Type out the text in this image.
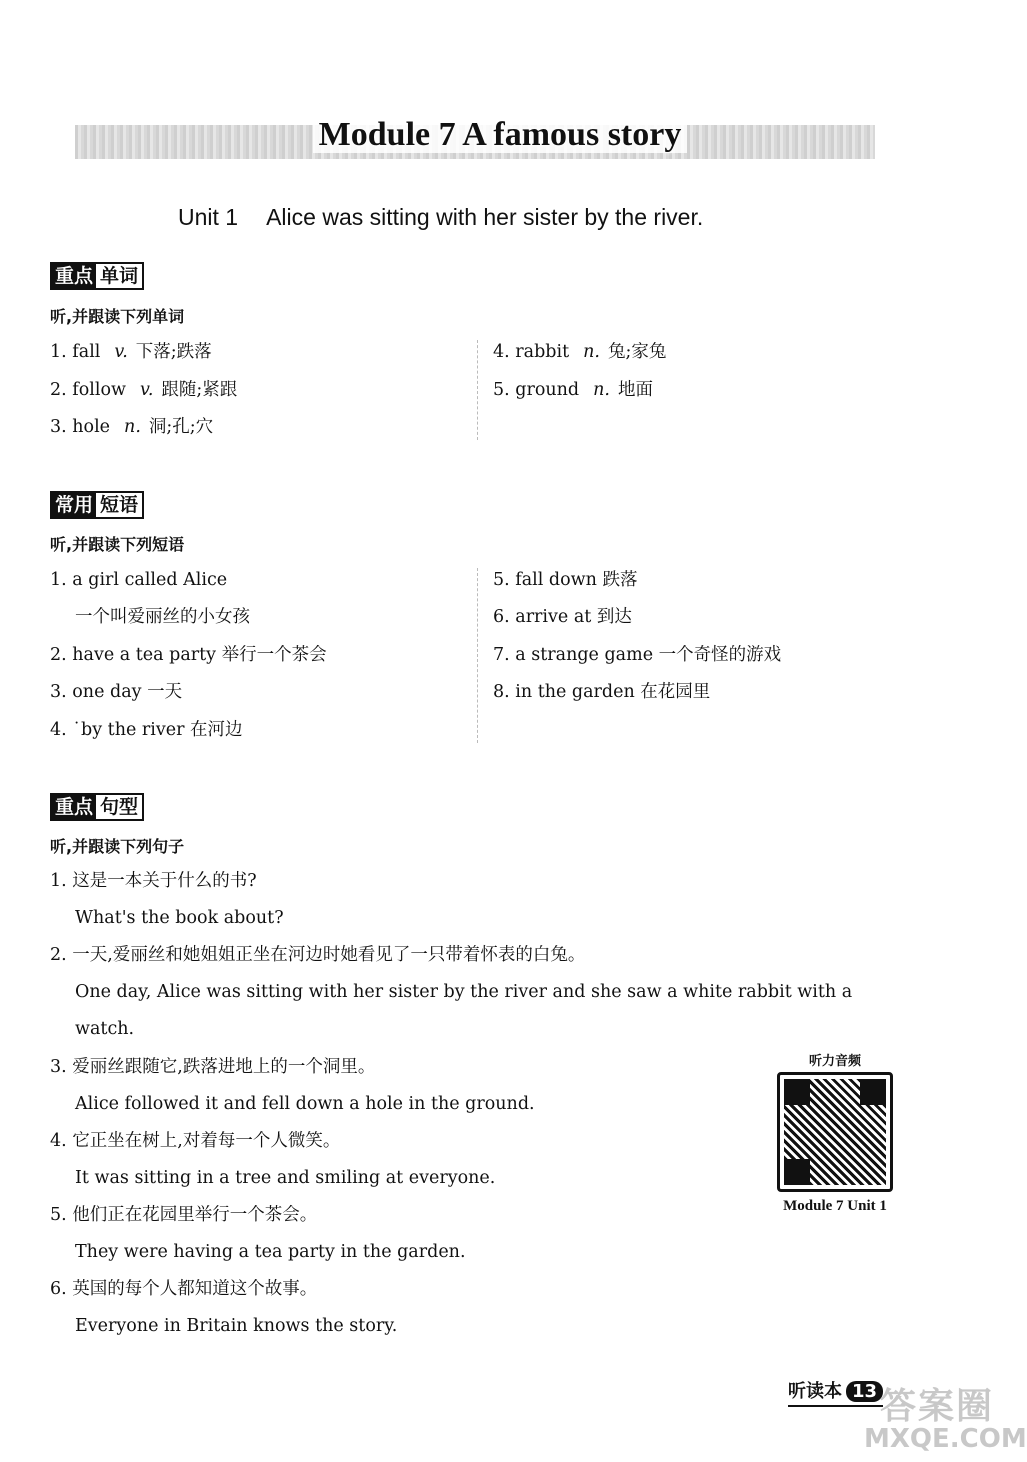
Module 7 A famous story
Unit 1 Alice was sitting with her sister by the river.
重点 单词
听,并跟读下列单词
1. fall v. 下落;跌落
2. follow v. 跟随;紧跟
3. hole n. 洞;孔;穴
4. rabbit n. 兔;家兔
5. ground n. 地面
常用 短语
听,并跟读下列短语
1. a girl called Alice
一个叫爱丽丝的小女孩
2. have a tea party 举行一个茶会
3. one day 一天
4. ˙by the river 在河边
5. fall down 跌落
6. arrive at 到达
7. a strange game 一个奇怪的游戏
8. in the garden 在花园里
重点 句型
听,并跟读下列句子
1. 这是一本关于什么的书?
What's the book about?
2. 一天,爱丽丝和她姐姐正坐在河边时她看见了一只带着怀表的白兔。
One day, Alice was sitting with her sister by the river and she saw a white rabbit with a watch.
3. 爱丽丝跟随它,跌落进地上的一个洞里。
Alice followed it and fell down a hole in the ground.
4. 它正坐在树上,对着每一个人微笑。
It was sitting in a tree and smiling at everyone.
5. 他们正在花园里举行一个茶会。
They were having a tea party in the garden.
6. 英国的每个人都知道这个故事。
Everyone in Britain knows the story.
听力音频
Module 7 Unit 1
听读本 13 答案圈
MXQE.COM
